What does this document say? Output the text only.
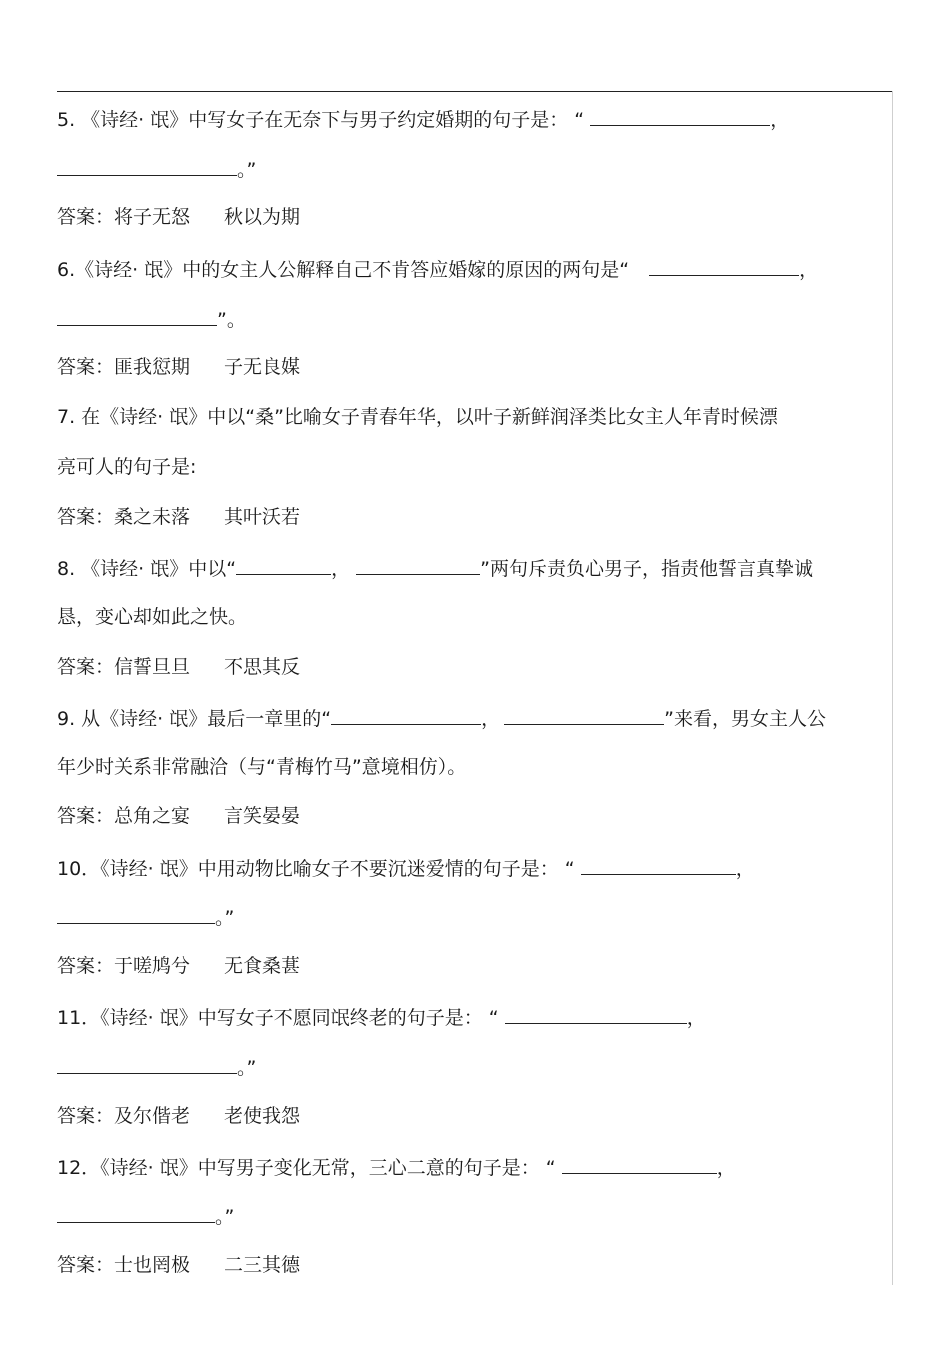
5. 《诗经· 氓》中写女子在无奈下与男子约定婚期的句子是： “	，
。”
答案：将子无怒 秋以为期
6.《诗经· 氓》中的女主人公解释自己不肯答应婚嫁的原因的两句是“	，
”。
答案：匪我愆期 子无良媒
7. 在《诗经· 氓》中以“桑”比喻女子青春年华，以叶子新鲜润泽类比女主人年青时候漂
亮可人的句子是:
答案：桑之未落 其叶沃若
8. 《诗经· 氓》中以“	，	”两句斥责负心男子，指责他誓言真挚诚
恳，变心却如此之快。
答案：信誓旦旦 不思其反
9. 从《诗经· 氓》最后一章里的“	，	”来看，男女主人公
年少时关系非常融洽（与“青梅竹马”意境相仿）。
答案：总角之宴 言笑晏晏
10．《诗经· 氓》中用动物比喻女子不要沉迷爱情的句子是： “	，
。”
答案：于嗟鸠兮 无食桑葚
11．《诗经· 氓》中写女子不愿同氓终老的句子是： “	，
。”
答案：及尔偕老 老使我怨
12．《诗经· 氓》中写男子变化无常，三心二意的句子是： “	，
。”
答案：士也罔极 二三其德
